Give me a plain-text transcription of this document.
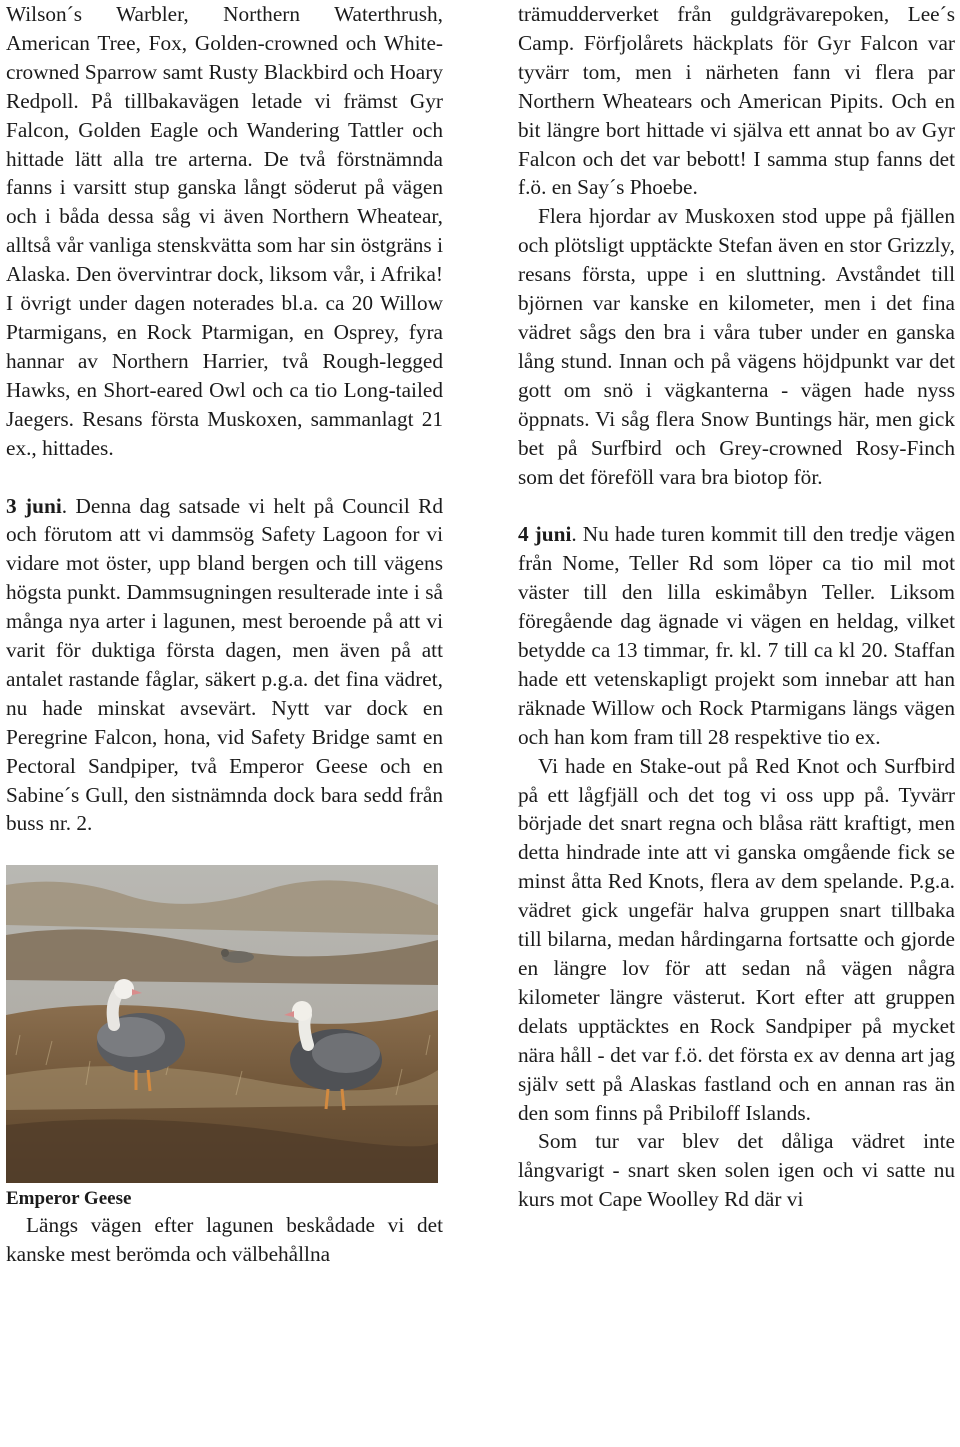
Wilson´s Warbler, Northern Waterthrush, American Tree, Fox, Golden-crowned och White-crowned Sparrow samt Rusty Blackbird och Hoary Redpoll. På tillbakavägen letade vi främst Gyr Falcon, Golden Eagle och Wandering Tattler och hittade lätt alla tre arterna. De två förstnämnda fanns i varsitt stup ganska långt söderut på vägen och i båda dessa såg vi även Northern Wheatear, alltså vår vanliga stenskvätta som har sin östgräns i Alaska. Den övervintrar dock, liksom vår, i Afrika! I övrigt under dagen noterades bl.a. ca 20 Willow Ptarmigans, en Rock Ptarmigan, en Osprey, fyra hannar av Northern Harrier, två Rough-legged Hawks, en Short-eared Owl och ca tio Long-tailed Jaegers. Resans första Muskoxen, sammanlagt 21 ex., hittades.

3 juni. Denna dag satsade vi helt på Council Rd och förutom att vi dammsög Safety Lagoon for vi vidare mot öster, upp bland bergen och till vägens högsta punkt. Dammsugningen resulterade inte i så många nya arter i lagunen, mest beroende på att vi varit för duktiga första dagen, men även på att antalet rastande fåglar, säkert p.g.a. det fina vädret, nu hade minskat avsevärt. Nytt var dock en Peregrine Falcon, hona, vid Safety Bridge samt en Pectoral Sandpiper, två Emperor Geese och en Sabine´s Gull, den sistnämnda dock bara sedd från buss nr. 2.

Emperor Geese

Längs vägen efter lagunen beskådade vi det kanske mest berömda och välbehållna

trämudderverket från guldgrävarepoken, Lee´s Camp. Förfjolårets häckplats för Gyr Falcon var tyvärr tom, men i närheten fann vi flera par Northern Wheatears och American Pipits. Och en bit längre bort hittade vi själva ett annat bo av Gyr Falcon och det var bebott! I samma stup fanns det f.ö. en Say´s Phoebe.

Flera hjordar av Muskoxen stod uppe på fjällen och plötsligt upptäckte Stefan även en stor Grizzly, resans första, uppe i en sluttning. Avståndet till björnen var kanske en kilometer, men i det fina vädret sågs den bra i våra tuber under en ganska lång stund. Innan och på vägens höjdpunkt var det gott om snö i vägkanterna - vägen hade nyss öppnats. Vi såg flera Snow Buntings här, men gick bet på Surfbird och Grey-crowned Rosy-Finch som det föreföll vara bra biotop för.

4 juni. Nu hade turen kommit till den tredje vägen från Nome, Teller Rd som löper ca tio mil mot väster till den lilla eskimåbyn Teller. Liksom föregående dag ägnade vi vägen en heldag, vilket betydde ca 13 timmar, fr. kl. 7 till ca kl 20. Staffan hade ett vetenskapligt projekt som innebar att han räknade Willow och Rock Ptarmigans längs vägen och han kom fram till 28 respektive tio ex.

Vi hade en Stake-out på Red Knot och Surfbird på ett lågfjäll och det tog vi oss upp på. Tyvärr började det snart regna och blåsa rätt kraftigt, men detta hindrade inte att vi ganska omgående fick se minst åtta Red Knots, flera av dem spelande. P.g.a. vädret gick ungefär halva gruppen snart tillbaka till bilarna, medan hårdingarna fortsatte och gjorde en längre lov för att sedan nå vägen några kilometer längre västerut. Kort efter att gruppen delats upptäcktes en Rock Sandpiper på mycket nära håll - det var f.ö. det första ex av denna art jag själv sett på Alaskas fastland och en annan ras än den som finns på Pribiloff Islands.

Som tur var blev det dåliga vädret inte långvarigt - snart sken solen igen och vi satte nu kurs mot Cape Woolley Rd där vi
